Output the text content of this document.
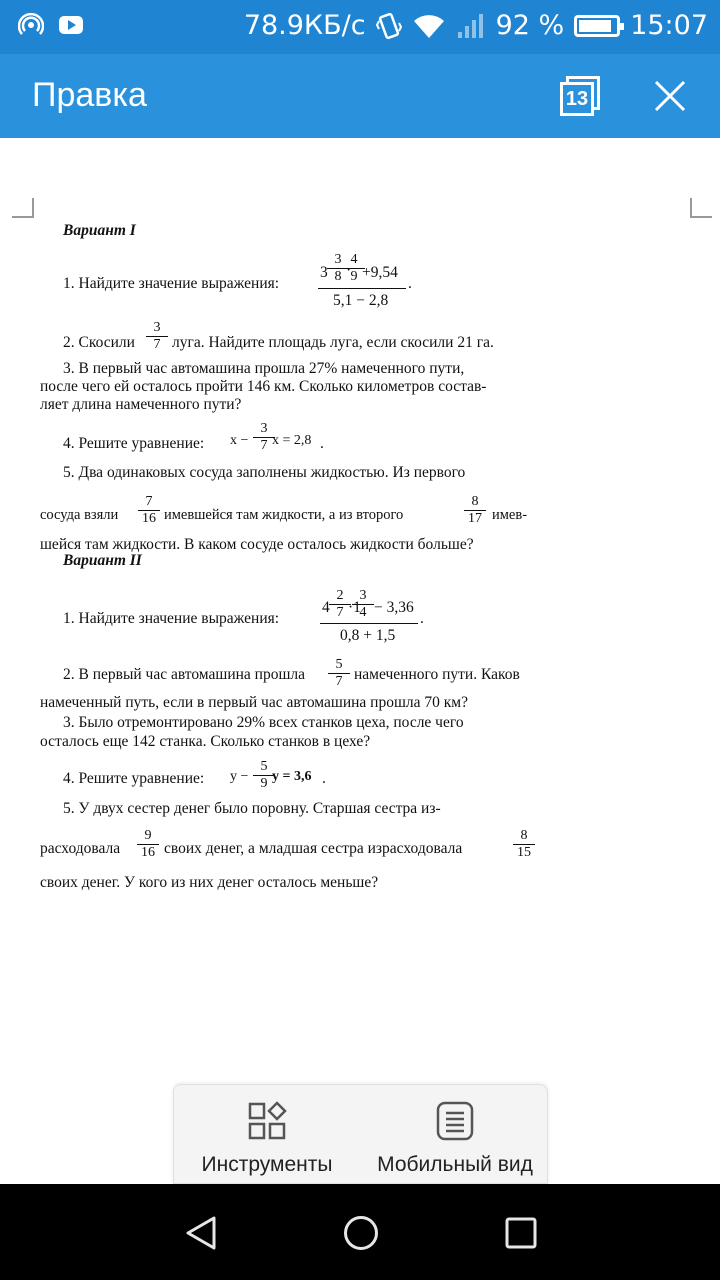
78.9КБ/с	92 % 15:07
Правка	13
Вариант I
1. Найдите значение выражения:
$3 \frac{3}{8}$
·
$\frac{4}{9}$
+9,54
5,1 − 2,8
.
2. Скосили $\frac{3}{7}$ луга. Найдите площадь луга, если скосили 21 га.
3. В первый час автомашина прошла 27% намеченного пути,
после чего ей осталось пройти 146 км. Сколько километров состав-
ляет длина намеченного пути?
4. Решите уравнение: $x - \frac{3}{7}$
x = 2,8 .
5. Два одинаковых сосуда заполнены жидкостью. Из первого
сосуда взяли $\frac{7}{16}$ имевшейся там жидкости, а из второго	$\frac{8}{17}$ имев-
шейся там жидкости. В каком сосуде осталось жидкости больше?
Вариант II
1. Найдите значение выражения:
$4 \frac{2}{7}$
·1
$\frac{3}{4} - 3,36$
0,8 + 1,5
.
2. В первый час автомашина прошла $\frac{5}{7}$ намеченного пути. Каков
намеченный путь, если в первый час автомашина прошла 70 км?
3. Было отремонтировано 29% всех станков цеха, после чего
осталось еще 142 станка. Сколько станков в цехе?
4. Решите уравнение: $y - \frac{5}{9}$
y = 3,6 .
5. У двух сестер денег было поровну. Старшая сестра из-
расходовала $\frac{9}{16}$ своих денег, а младшая сестра израсходовала	$\frac{8}{15}$
своих денег. У кого из них денег осталось меньше?
Инструменты	Мобильный вид
